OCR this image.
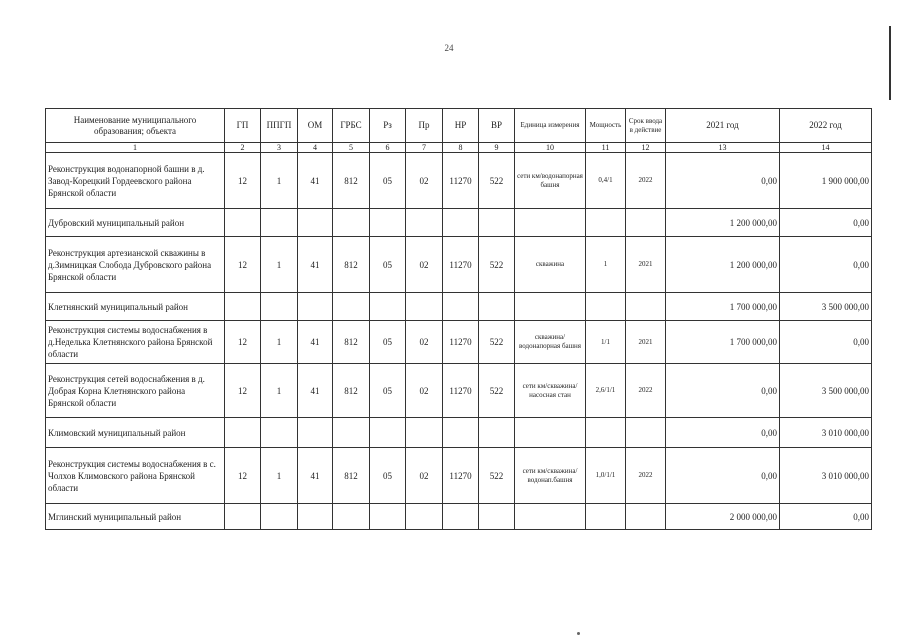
24
Наименование муниципального образования; объекта	ГП	ППГП	ОМ	ГРБС	Рз	Пр	НР	ВР	Единица измерения	Мощность	Срок ввода в действие	2021 год	2022 год
1	2	3	4	5	6	7	8	9	10	11	12	13	14
Реконструкция водонапорной башни в д. Завод-Корецкий Гордеевского района Брянской области	12	1	41	812	05	02	11270	522	сети км/водонапорная башня	0,4/1	2022	0,00	1 900 000,00
Дубровский муниципальный район												1 200 000,00	0,00
Реконструкция артезианской скважины в д.Зимницкая Слобода Дубровского района Брянской области	12	1	41	812	05	02	11270	522	скважина	1	2021	1 200 000,00	0,00
Клетнянский муниципальный район												1 700 000,00	3 500 000,00
Реконструкция системы водоснабжения в д.Неделька Клетнянского района Брянской области	12	1	41	812	05	02	11270	522	скважина/водонапорная башня	1/1	2021	1 700 000,00	0,00
Реконструкция сетей водоснабжения в д. Добрая Корна Клетнянского района Брянской области	12	1	41	812	05	02	11270	522	сети км/скважина/насосная стан	2,6/1/1	2022	0,00	3 500 000,00
Климовский муниципальный район												0,00	3 010 000,00
Реконструкция системы водоснабжения в с. Чолхов Климовского района Брянской области	12	1	41	812	05	02	11270	522	сети км/скважина/водонап.башня	1,0/1/1	2022	0,00	3 010 000,00
Мглинский муниципальный район												2 000 000,00	0,00
